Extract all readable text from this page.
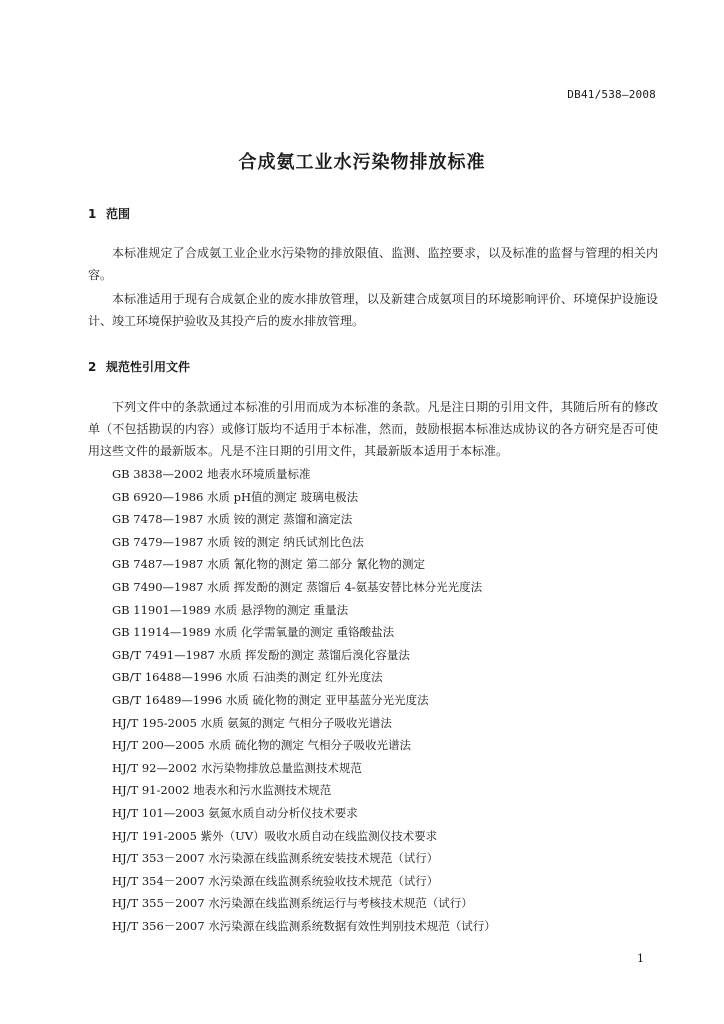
DB41/538—2008
合成氨工业水污染物排放标准
1 范围

本标准规定了合成氨工业企业水污染物的排放限值、监测、监控要求，以及标准的监督与管理的相关内容。

本标准适用于现有合成氨企业的废水排放管理，以及新建合成氨项目的环境影响评价、环境保护设施设计、竣工环境保护验收及其投产后的废水排放管理。

2 规范性引用文件

下列文件中的条款通过本标准的引用而成为本标准的条款。凡是注日期的引用文件，其随后所有的修改单（不包括勘误的内容）或修订版均不适用于本标准，然而，鼓励根据本标准达成协议的各方研究是否可使用这些文件的最新版本。凡是不注日期的引用文件，其最新版本适用于本标准。

GB 3838—2002 地表水环境质量标准
GB 6920—1986 水质 pH值的测定 玻璃电极法
GB 7478—1987 水质 铵的测定 蒸馏和滴定法
GB 7479—1987 水质 铵的测定 纳氏试剂比色法
GB 7487—1987 水质 氰化物的测定 第二部分 氰化物的测定
GB 7490—1987 水质 挥发酚的测定 蒸馏后 4-氨基安替比林分光光度法
GB 11901—1989 水质 悬浮物的测定 重量法
GB 11914—1989 水质 化学需氧量的测定 重铬酸盐法
GB/T 7491—1987 水质 挥发酚的测定 蒸馏后溴化容量法
GB/T 16488—1996 水质 石油类的测定 红外光度法
GB/T 16489—1996 水质 硫化物的测定 亚甲基蓝分光光度法
HJ/T 195-2005 水质 氨氮的测定 气相分子吸收光谱法
HJ/T 200—2005 水质 硫化物的测定 气相分子吸收光谱法
HJ/T 92—2002 水污染物排放总量监测技术规范
HJ/T 91-2002 地表水和污水监测技术规范
HJ/T 101—2003 氨氮水质自动分析仪技术要求
HJ/T 191-2005 紫外（UV）吸收水质自动在线监测仪技术要求
HJ/T 353－2007 水污染源在线监测系统安装技术规范（试行）
HJ/T 354－2007 水污染源在线监测系统验收技术规范（试行）
HJ/T 355－2007 水污染源在线监测系统运行与考核技术规范（试行）
HJ/T 356－2007 水污染源在线监测系统数据有效性判别技术规范（试行）
1
